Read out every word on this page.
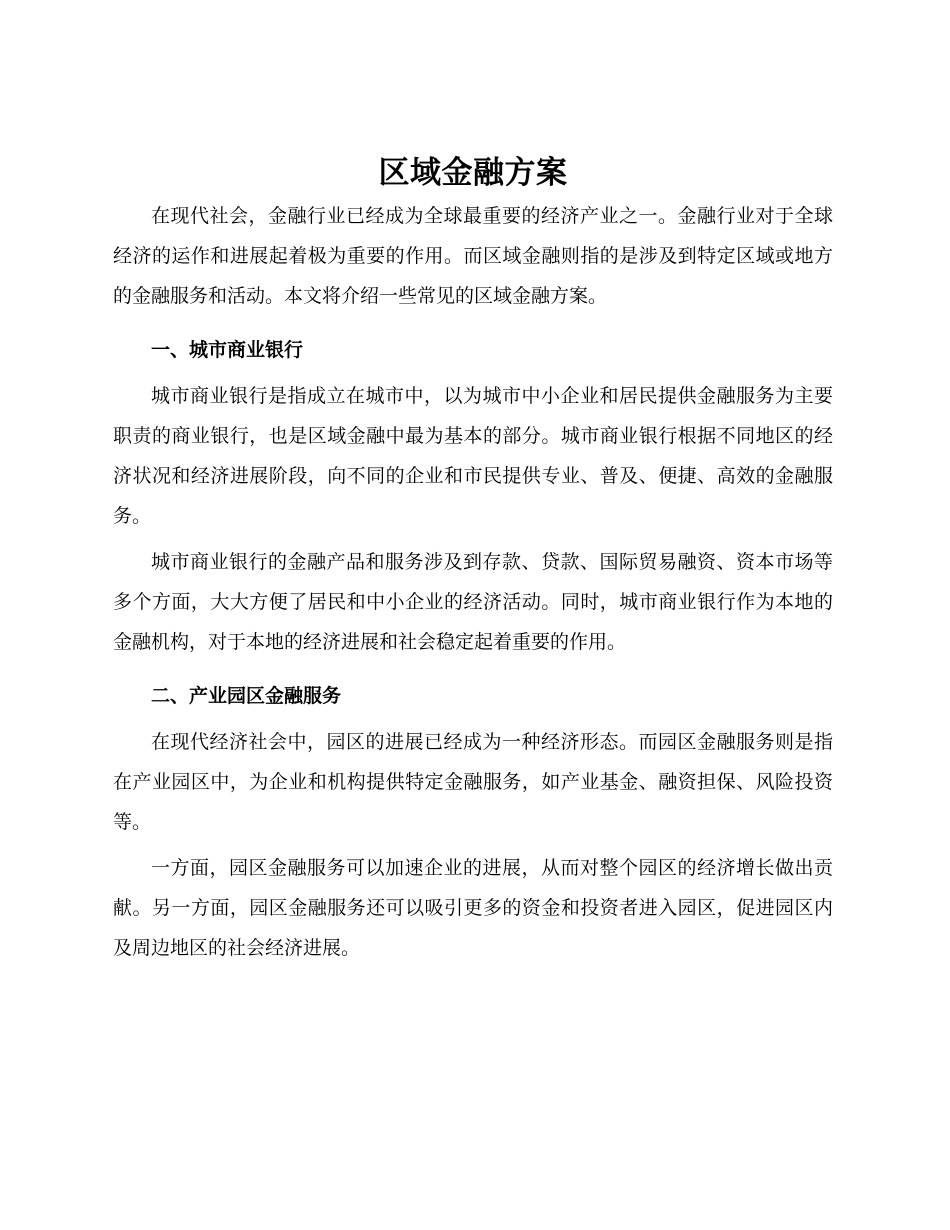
区域金融方案

在现代社会，金融行业已经成为全球最重要的经济产业之一。金融行业对于全球经济的运作和进展起着极为重要的作用。而区域金融则指的是涉及到特定区域或地方的金融服务和活动。本文将介绍一些常见的区域金融方案。

一、城市商业银行

城市商业银行是指成立在城市中，以为城市中小企业和居民提供金融服务为主要职责的商业银行，也是区域金融中最为基本的部分。城市商业银行根据不同地区的经济状况和经济进展阶段，向不同的企业和市民提供专业、普及、便捷、高效的金融服务。

城市商业银行的金融产品和服务涉及到存款、贷款、国际贸易融资、资本市场等多个方面，大大方便了居民和中小企业的经济活动。同时，城市商业银行作为本地的金融机构，对于本地的经济进展和社会稳定起着重要的作用。

二、产业园区金融服务

在现代经济社会中，园区的进展已经成为一种经济形态。而园区金融服务则是指在产业园区中，为企业和机构提供特定金融服务，如产业基金、融资担保、风险投资等。

一方面，园区金融服务可以加速企业的进展，从而对整个园区的经济增长做出贡献。另一方面，园区金融服务还可以吸引更多的资金和投资者进入园区，促进园区内及周边地区的社会经济进展。
